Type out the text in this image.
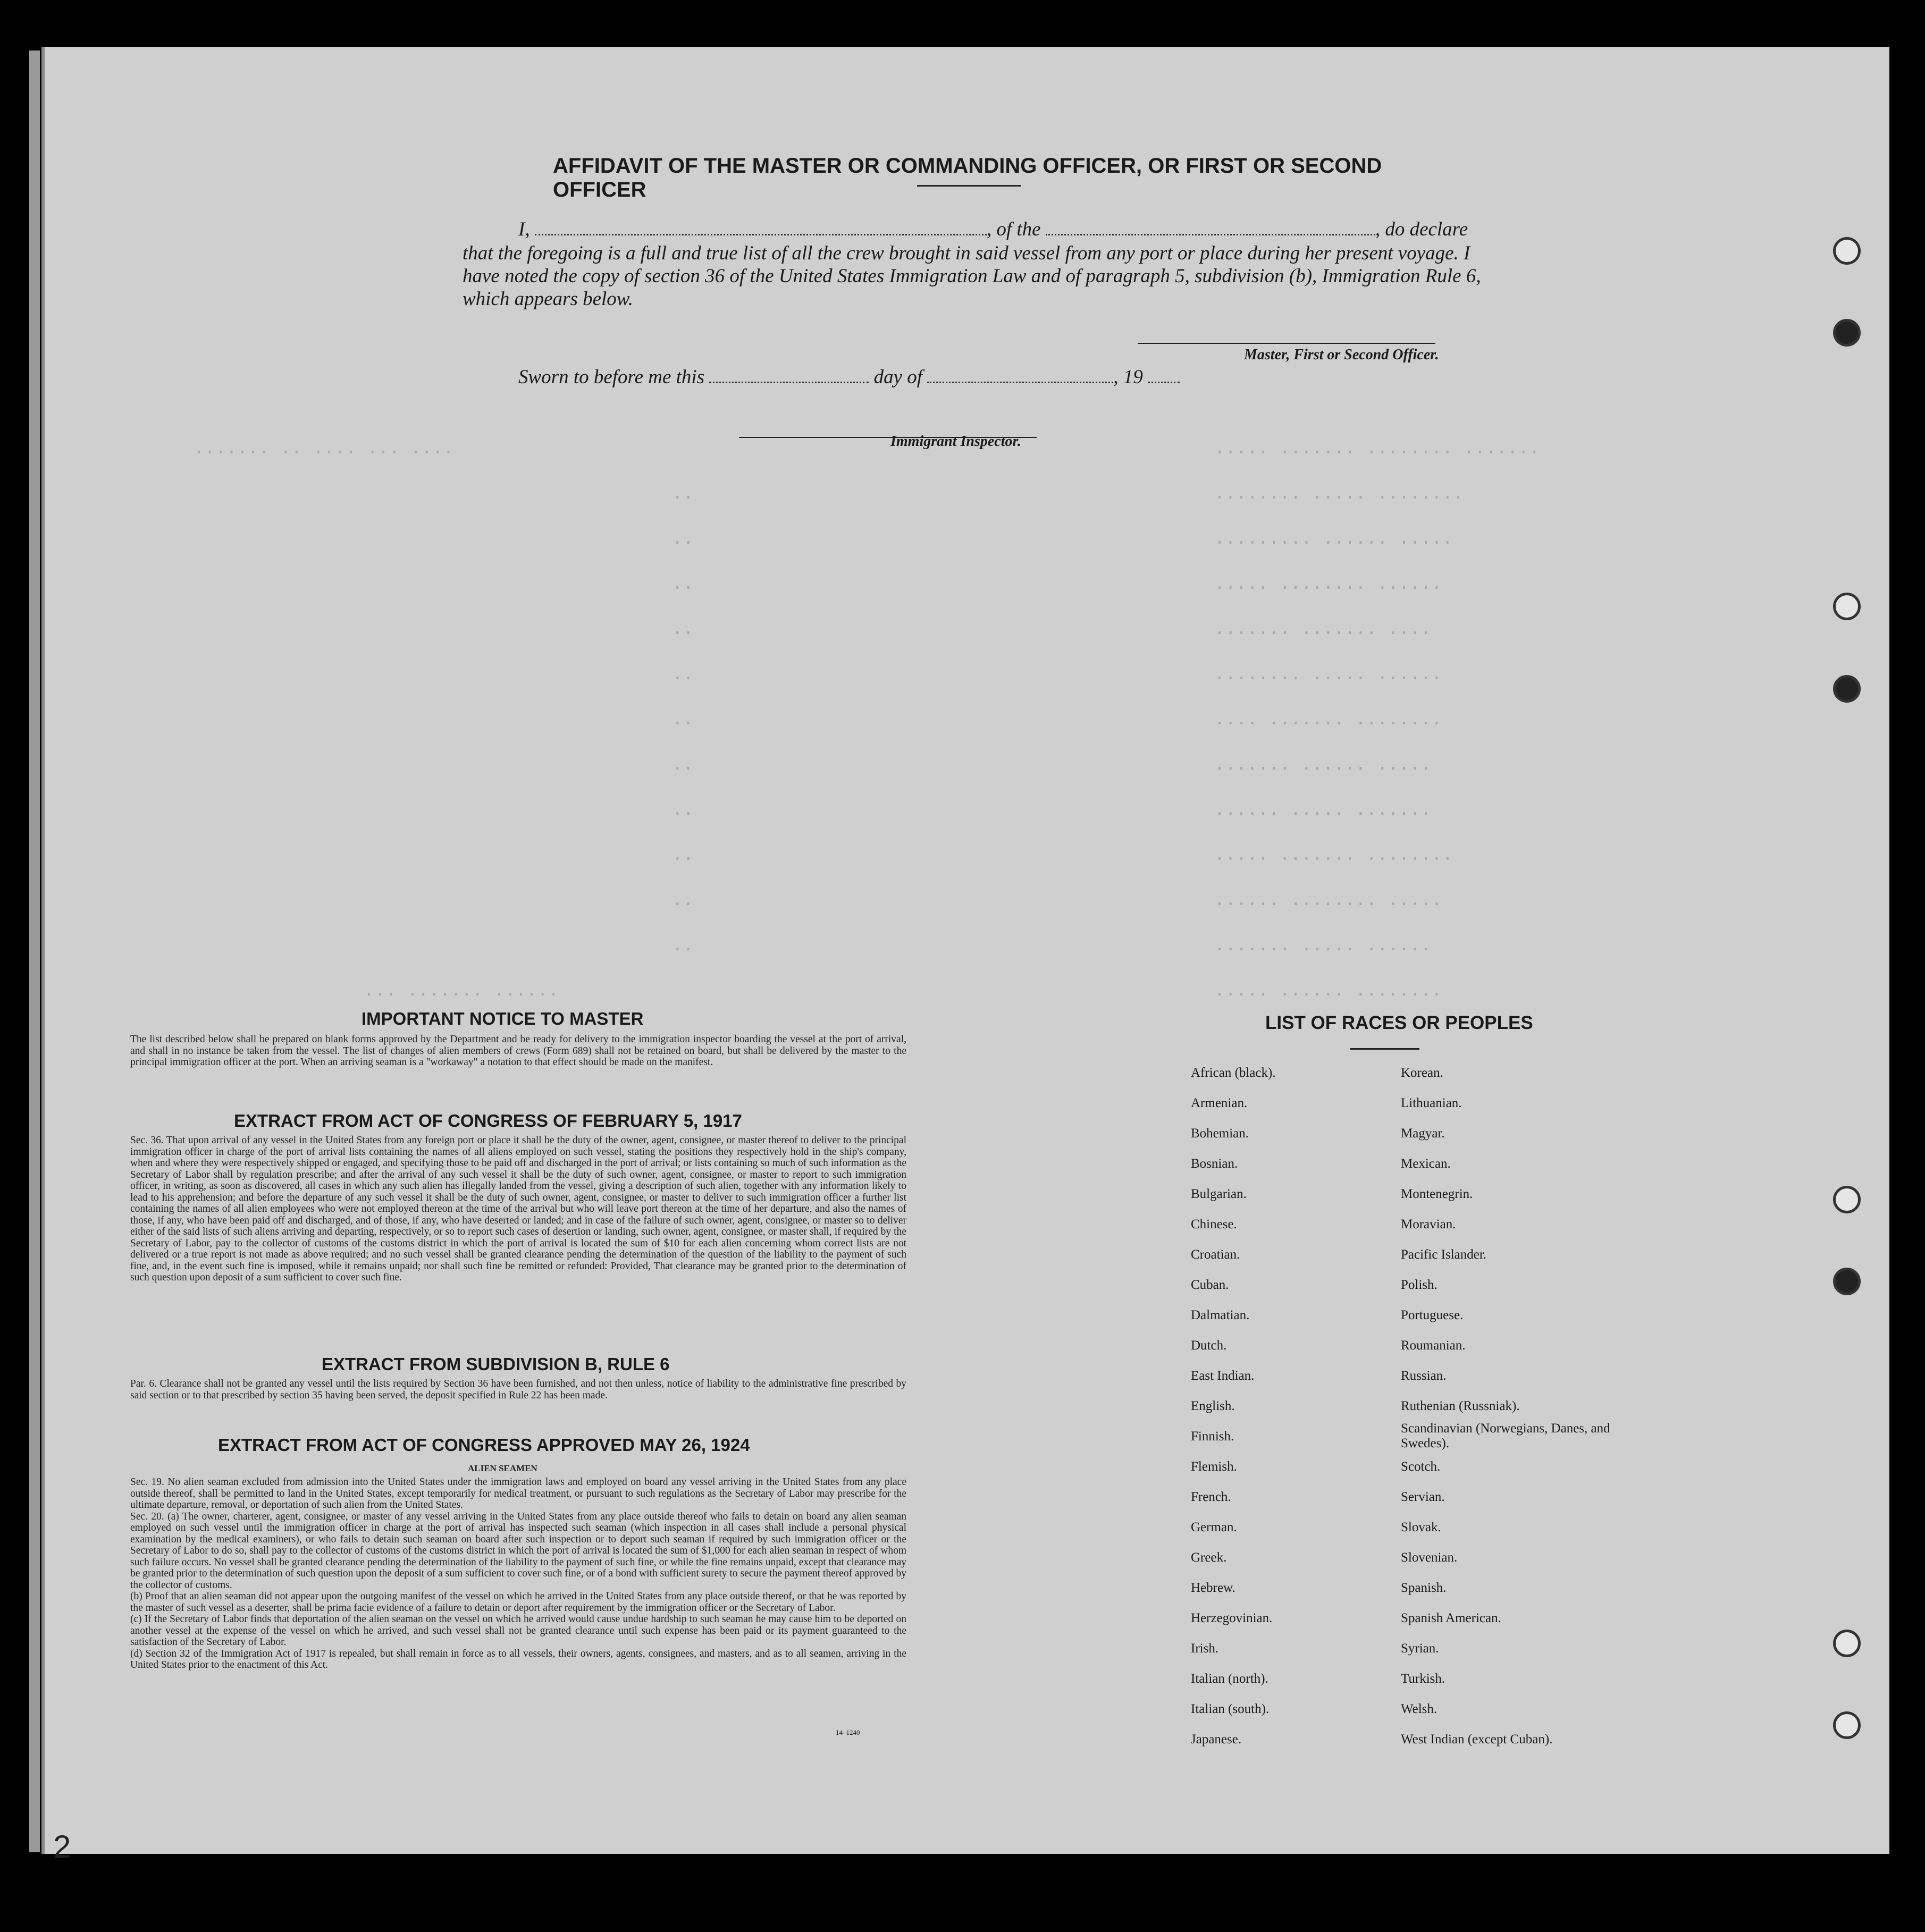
······· ········ ······· ·····
········ ····· ········
····· ······ ·········
······ ········ ·····
···· ······· ·······
······ ····· ········
········ ······· ····
····· ······ ·······
······· ····· ······
········ ······· ·····
····· ········ ······
······ ····· ·······
········ ······ ·····
···· ··· ···· ·· ·······
··
··
··
··
··
··
··
··
··
··
··
······ ······· ···
AFFIDAVIT OF THE MASTER OR COMMANDING OFFICER, OR FIRST OR SECOND OFFICER
I,	, of the	, do declare
that the foregoing is a full and true list of all the crew brought in said vessel from any port or place during her present voyage. I have noted the copy of section 36 of the United States Immigration Law and of paragraph 5, subdivision (b), Immigration Rule 6, which appears below.
Master, First or Second Officer.
Sworn to before me this	day of	, 19
Immigrant Inspector.
IMPORTANT NOTICE TO MASTER
The list described below shall be prepared on blank forms approved by the Department and be ready for delivery to the immigration inspector boarding the vessel at the port of arrival, and shall in no instance be taken from the vessel. The list of changes of alien members of crews (Form 689) shall not be retained on board, but shall be delivered by the master to the principal immigration officer at the port. When an arriving seaman is a "workaway" a notation to that effect should be made on the manifest.
EXTRACT FROM ACT OF CONGRESS OF FEBRUARY 5, 1917
Sec. 36. That upon arrival of any vessel in the United States from any foreign port or place it shall be the duty of the owner, agent, consignee, or master thereof to deliver to the principal immigration officer in charge of the port of arrival lists containing the names of all aliens employed on such vessel, stating the positions they respectively hold in the ship's company, when and where they were respectively shipped or engaged, and specifying those to be paid off and discharged in the port of arrival; or lists containing so much of such information as the Secretary of Labor shall by regulation prescribe; and after the arrival of any such vessel it shall be the duty of such owner, agent, consignee, or master to report to such immigration officer, in writing, as soon as discovered, all cases in which any such alien has illegally landed from the vessel, giving a description of such alien, together with any information likely to lead to his apprehension; and before the departure of any such vessel it shall be the duty of such owner, agent, consignee, or master to deliver to such immigration officer a further list containing the names of all alien employees who were not employed thereon at the time of the arrival but who will leave port thereon at the time of her departure, and also the names of those, if any, who have been paid off and discharged, and of those, if any, who have deserted or landed; and in case of the failure of such owner, agent, consignee, or master so to deliver either of the said lists of such aliens arriving and departing, respectively, or so to report such cases of desertion or landing, such owner, agent, consignee, or master shall, if required by the Secretary of Labor, pay to the collector of customs of the customs district in which the port of arrival is located the sum of $10 for each alien concerning whom correct lists are not delivered or a true report is not made as above required; and no such vessel shall be granted clearance pending the determination of the question of the liability to the payment of such fine, and, in the event such fine is imposed, while it remains unpaid; nor shall such fine be remitted or refunded: Provided, That clearance may be granted prior to the determination of such question upon deposit of a sum sufficient to cover such fine.
EXTRACT FROM SUBDIVISION B, RULE 6
Par. 6. Clearance shall not be granted any vessel until the lists required by Section 36 have been furnished, and not then unless, notice of liability to the administrative fine prescribed by said section or to that prescribed by section 35 having been served, the deposit specified in Rule 22 has been made.
EXTRACT FROM ACT OF CONGRESS APPROVED MAY 26, 1924
ALIEN SEAMEN
Sec. 19. No alien seaman excluded from admission into the United States under the immigration laws and employed on board any vessel arriving in the United States from any place outside thereof, shall be permitted to land in the United States, except temporarily for medical treatment, or pursuant to such regulations as the Secretary of Labor may prescribe for the ultimate departure, removal, or deportation of such alien from the United States.
Sec. 20. (a) The owner, charterer, agent, consignee, or master of any vessel arriving in the United States from any place outside thereof who fails to detain on board any alien seaman employed on such vessel until the immigration officer in charge at the port of arrival has inspected such seaman (which inspection in all cases shall include a personal physical examination by the medical examiners), or who fails to detain such seaman on board after such inspection or to deport such seaman if required by such immigration officer or the Secretary of Labor to do so, shall pay to the collector of customs of the customs district in which the port of arrival is located the sum of $1,000 for each alien seaman in respect of whom such failure occurs. No vessel shall be granted clearance pending the determination of the liability to the payment of such fine, or while the fine remains unpaid, except that clearance may be granted prior to the determination of such question upon the deposit of a sum sufficient to cover such fine, or of a bond with sufficient surety to secure the payment thereof approved by the collector of customs.
(b) Proof that an alien seaman did not appear upon the outgoing manifest of the vessel on which he arrived in the United States from any place outside thereof, or that he was reported by the master of such vessel as a deserter, shall be prima facie evidence of a failure to detain or deport after requirement by the immigration officer or the Secretary of Labor.
(c) If the Secretary of Labor finds that deportation of the alien seaman on the vessel on which he arrived would cause undue hardship to such seaman he may cause him to be deported on another vessel at the expense of the vessel on which he arrived, and such vessel shall not be granted clearance until such expense has been paid or its payment guaranteed to the satisfaction of the Secretary of Labor.
(d) Section 32 of the Immigration Act of 1917 is repealed, but shall remain in force as to all vessels, their owners, agents, consignees, and masters, and as to all seamen, arriving in the United States prior to the enactment of this Act.
14–1240
LIST OF RACES OR PEOPLES
African (black).
Armenian.
Bohemian.
Bosnian.
Bulgarian.
Chinese.
Croatian.
Cuban.
Dalmatian.
Dutch.
East Indian.
English.
Finnish.
Flemish.
French.
German.
Greek.
Hebrew.
Herzegovinian.
Irish.
Italian (north).
Italian (south).
Japanese.
Korean.
Lithuanian.
Magyar.
Mexican.
Montenegrin.
Moravian.
Pacific Islander.
Polish.
Portuguese.
Roumanian.
Russian.
Ruthenian (Russniak).
Scandinavian (Norwegians, Danes, and Swedes).
Scotch.
Servian.
Slovak.
Slovenian.
Spanish.
Spanish American.
Syrian.
Turkish.
Welsh.
West Indian (except Cuban).
2
